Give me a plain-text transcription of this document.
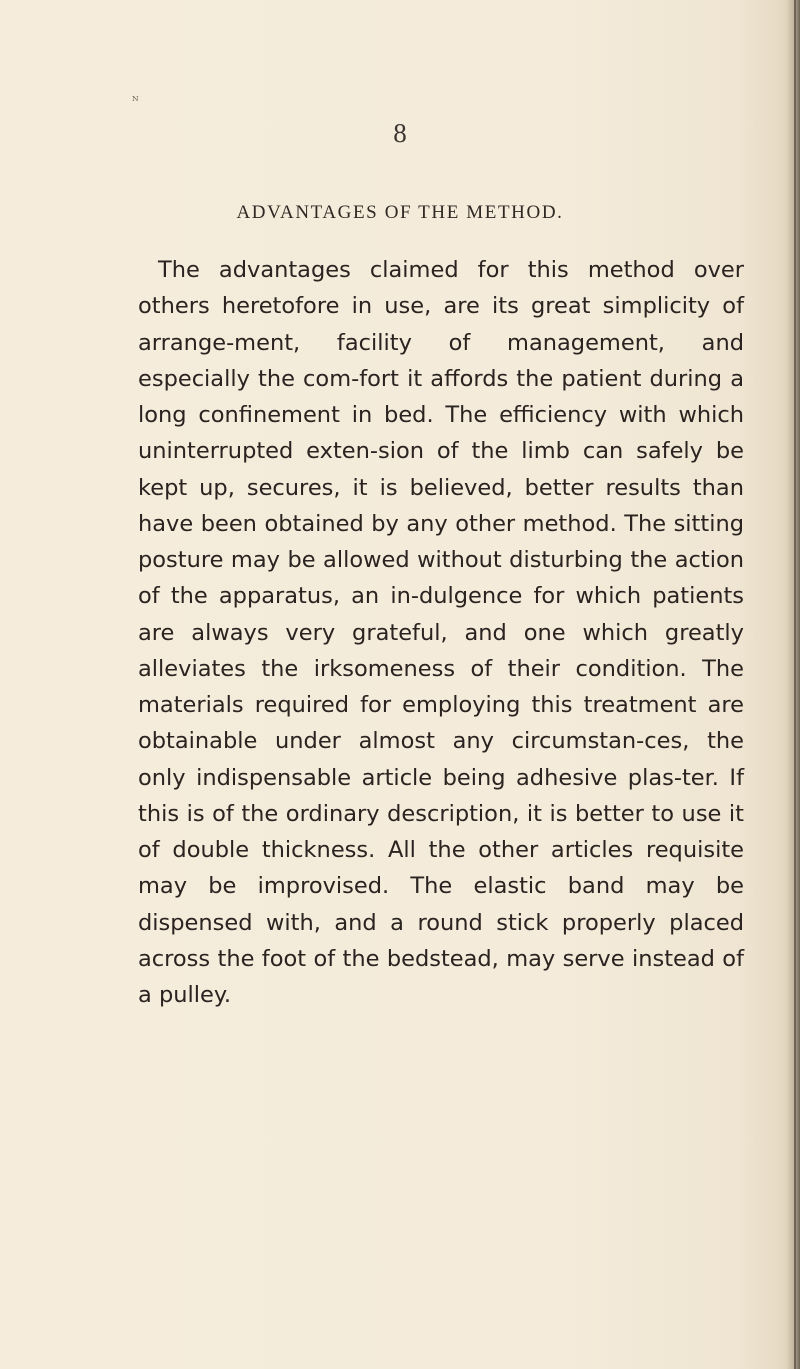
ᴺ
8
ADVANTAGES OF THE METHOD.

The advantages claimed for this method over others heretofore in use, are its great simplicity of arrange-ment, facility of management, and especially the com-fort it affords the patient during a long confinement in bed. The efficiency with which uninterrupted exten-sion of the limb can safely be kept up, secures, it is believed, better results than have been obtained by any other method. The sitting posture may be allowed without disturbing the action of the apparatus, an in-dulgence for which patients are always very grateful, and one which greatly alleviates the irksomeness of their condition. The materials required for employing this treatment are obtainable under almost any circumstan-ces, the only indispensable article being adhesive plas-ter. If this is of the ordinary description, it is better to use it of double thickness. All the other articles requisite may be improvised. The elastic band may be dispensed with, and a round stick properly placed across the foot of the bedstead, may serve instead of a pulley.
